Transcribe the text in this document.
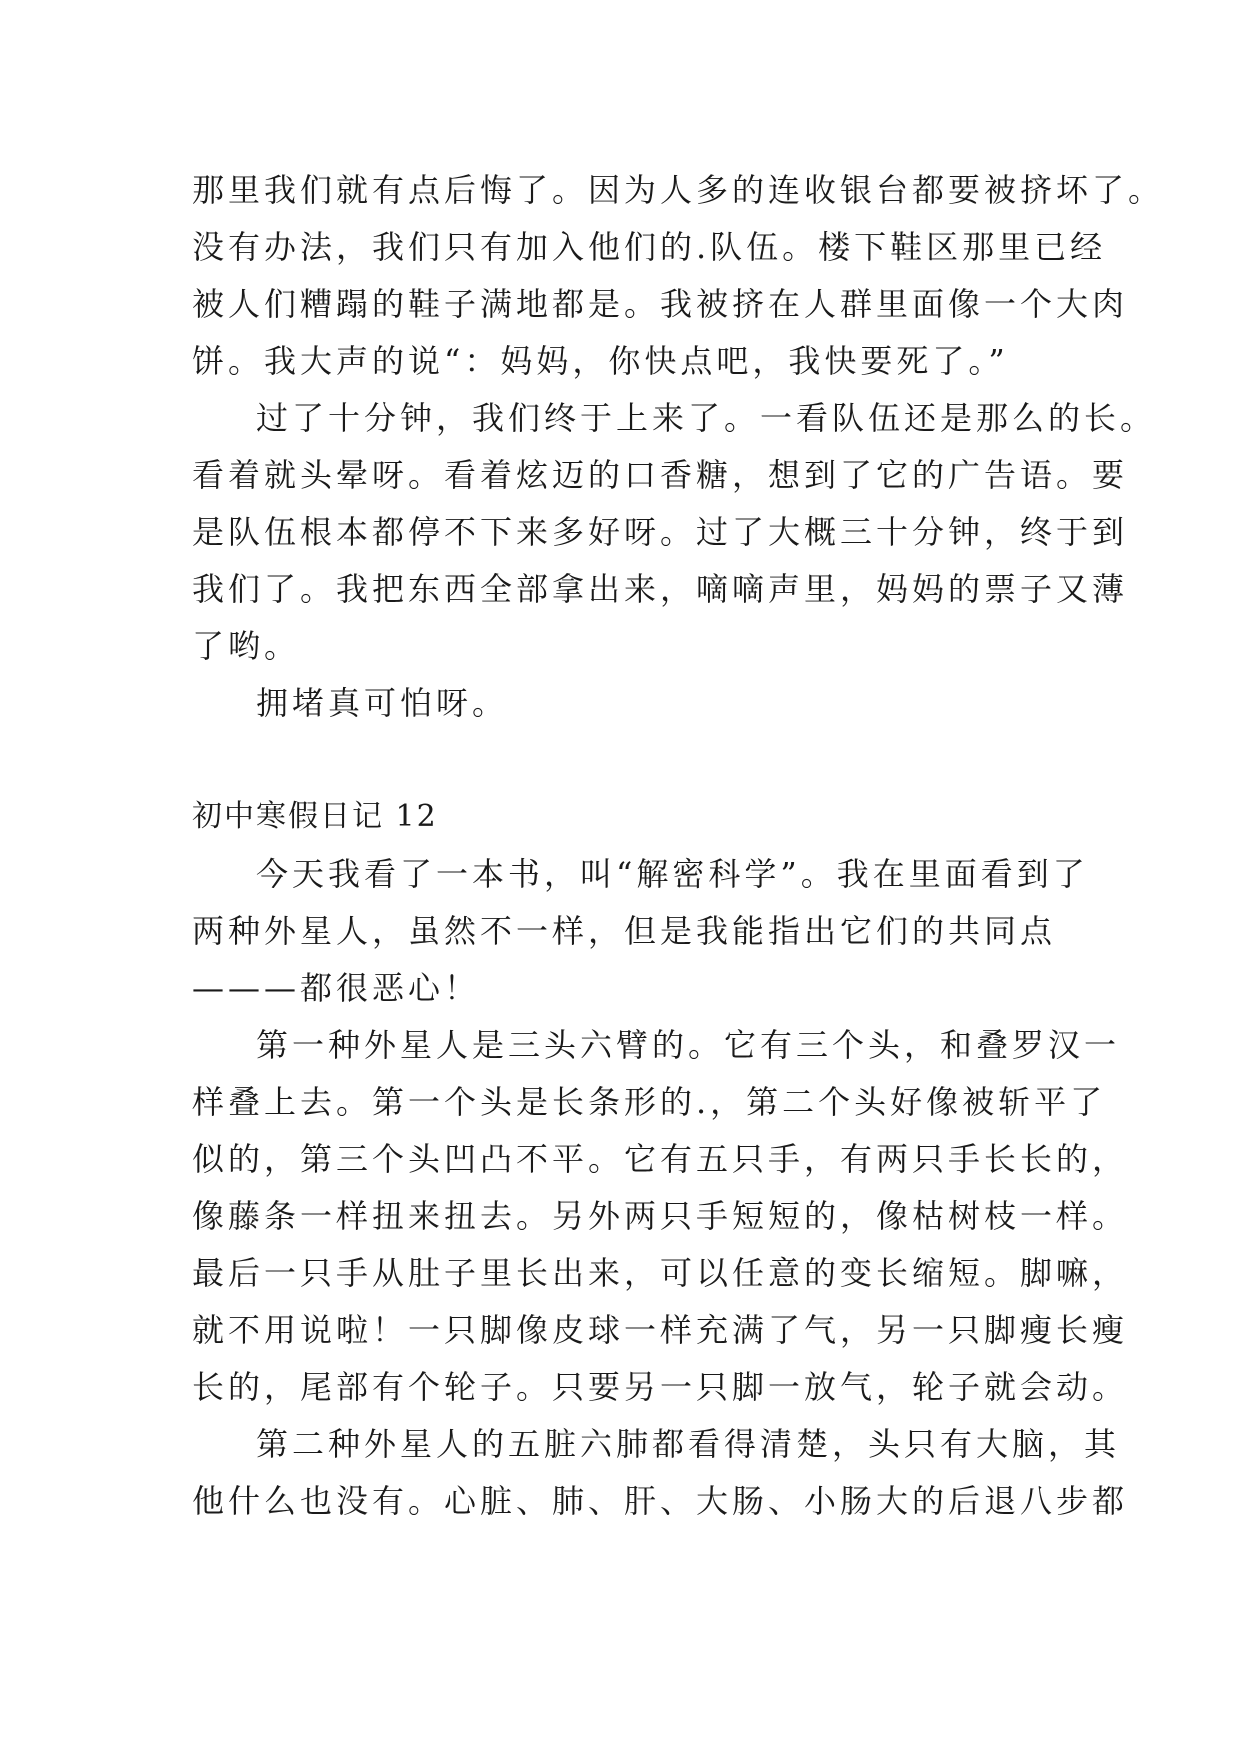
那里我们就有点后悔了。因为人多的连收银台都要被挤坏了。
没有办法，我们只有加入他们的.队伍。楼下鞋区那里已经
被人们糟蹋的鞋子满地都是。我被挤在人群里面像一个大肉
饼。我大声的说“：妈妈，你快点吧，我快要死了。”
过了十分钟，我们终于上来了。一看队伍还是那么的长。
看着就头晕呀。看着炫迈的口香糖，想到了它的广告语。要
是队伍根本都停不下来多好呀。过了大概三十分钟，终于到
我们了。我把东西全部拿出来，嘀嘀声里，妈妈的票子又薄
了哟。
拥堵真可怕呀。
初中寒假日记 12
今天我看了一本书，叫“解密科学”。我在里面看到了
两种外星人，虽然不一样，但是我能指出它们的共同点
———都很恶心！
第一种外星人是三头六臂的。它有三个头，和叠罗汉一
样叠上去。第一个头是长条形的.，第二个头好像被斩平了
似的，第三个头凹凸不平。它有五只手，有两只手长长的，
像藤条一样扭来扭去。另外两只手短短的，像枯树枝一样。
最后一只手从肚子里长出来，可以任意的变长缩短。脚嘛，
就不用说啦！一只脚像皮球一样充满了气，另一只脚瘦长瘦
长的，尾部有个轮子。只要另一只脚一放气，轮子就会动。
第二种外星人的五脏六肺都看得清楚，头只有大脑，其
他什么也没有。心脏、肺、肝、大肠、小肠大的后退八步都
